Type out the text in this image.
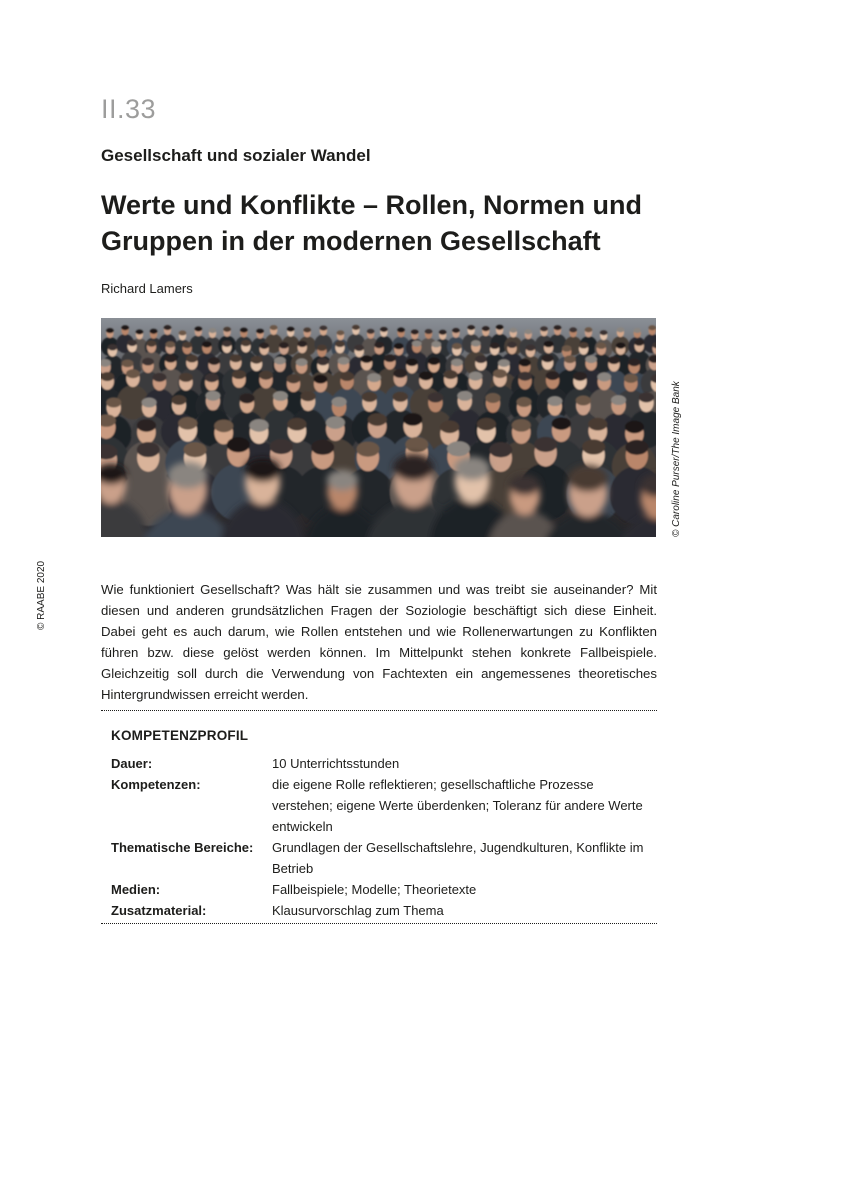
II.33
Gesellschaft und sozialer Wandel
Werte und Konflikte – Rollen, Normen und Gruppen in der modernen Gesellschaft
Richard Lamers
© Caroline Purser/The Image Bank
© RAABE 2020	Wie funktioniert Gesellschaft? Was hält sie zusammen und was treibt sie auseinander? Mit diesen und anderen grundsätzlichen Fragen der Soziologie beschäftigt sich diese Einheit. Dabei geht es auch darum, wie Rollen entstehen und wie Rollenerwartungen zu Konflikten führen bzw. diese gelöst werden können. Im Mittelpunkt stehen konkrete Fallbeispiele. Gleichzeitig soll durch die Verwendung von Fachtexten ein angemessenes theoretisches Hintergrundwissen erreicht werden.
KOMPETENZPROFIL
Dauer:	10 Unterrichtsstunden
Kompetenzen:	die eigene Rolle reflektieren; gesellschaftliche Prozesse verstehen; eigene Werte überdenken; Toleranz für andere Werte entwickeln
Thematische Bereiche:	Grundlagen der Gesellschaftslehre, Jugendkulturen, Konflikte im Betrieb
Medien:	Fallbeispiele; Modelle; Theorietexte
Zusatzmaterial:	Klausurvorschlag zum Thema
